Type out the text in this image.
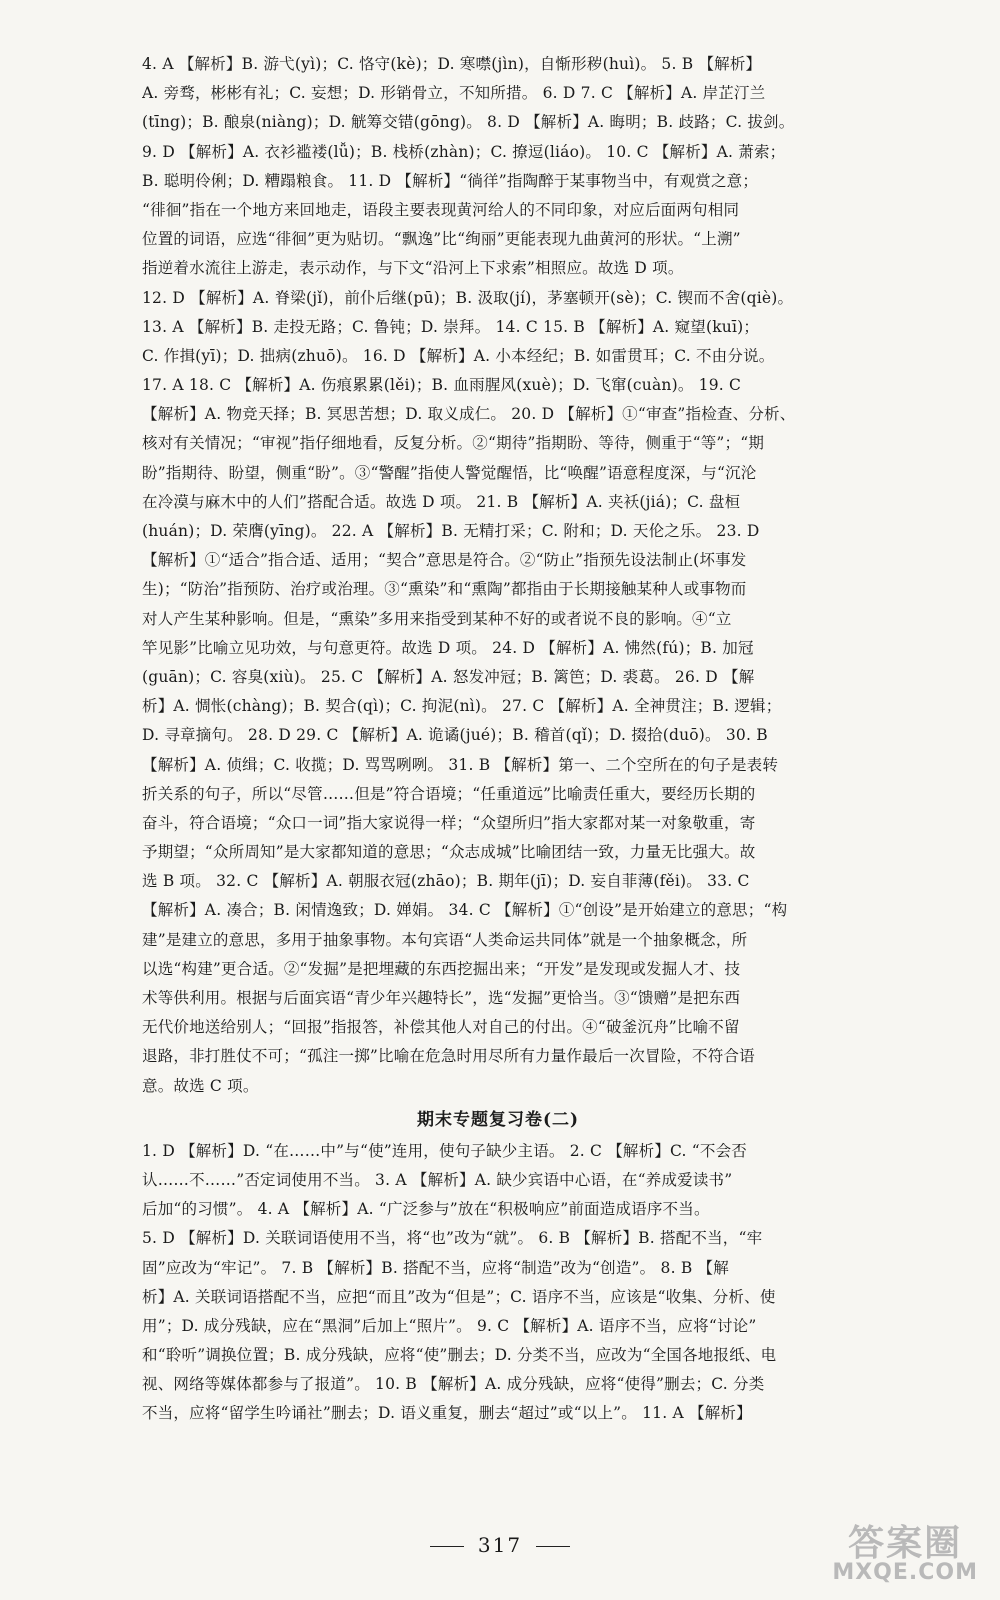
4. A 【解析】B. 游弋(yì)；C. 恪守(kè)；D. 寒噤(jìn)，自惭形秽(huì)。 5. B 【解析】
A. 旁骛，彬彬有礼；C. 妄想；D. 形销骨立，不知所措。 6. D 7. C 【解析】A. 岸芷汀兰
(tīng)；B. 酿泉(niàng)；D. 觥筹交错(gōng)。 8. D 【解析】A. 晦明；B. 歧路；C. 拔剑。
9. D 【解析】A. 衣衫褴褛(lǚ)；B. 栈桥(zhàn)；C. 撩逗(liáo)。 10. C 【解析】A. 萧索；
B. 聪明伶俐；D. 糟蹋粮食。 11. D 【解析】“徜徉”指陶醉于某事物当中，有观赏之意；
“徘徊”指在一个地方来回地走，语段主要表现黄河给人的不同印象，对应后面两句相同
位置的词语，应选“徘徊”更为贴切。“飘逸”比“绚丽”更能表现九曲黄河的形状。“上溯”
指逆着水流往上游走，表示动作，与下文“沿河上下求索”相照应。故选 D 项。
12. D 【解析】A. 脊梁(jǐ)，前仆后继(pū)；B. 汲取(jí)，茅塞顿开(sè)；C. 锲而不舍(qiè)。
13. A 【解析】B. 走投无路；C. 鲁钝；D. 崇拜。 14. C 15. B 【解析】A. 窥望(kuī)；
C. 作揖(yī)；D. 拙病(zhuō)。 16. D 【解析】A. 小本经纪；B. 如雷贯耳；C. 不由分说。
17. A 18. C 【解析】A. 伤痕累累(lěi)；B. 血雨腥风(xuè)；D. 飞窜(cuàn)。 19. C
【解析】A. 物竞天择；B. 冥思苦想；D. 取义成仁。 20. D 【解析】①“审查”指检查、分析、
核对有关情况；“审视”指仔细地看，反复分析。②“期待”指期盼、等待，侧重于“等”；“期
盼”指期待、盼望，侧重“盼”。③“警醒”指使人警觉醒悟，比“唤醒”语意程度深，与“沉沦
在冷漠与麻木中的人们”搭配合适。故选 D 项。 21. B 【解析】A. 夹袄(jiá)；C. 盘桓
(huán)；D. 荣膺(yīng)。 22. A 【解析】B. 无精打采；C. 附和；D. 天伦之乐。 23. D
【解析】①“适合”指合适、适用；“契合”意思是符合。②“防止”指预先设法制止(坏事发
生)；“防治”指预防、治疗或治理。③“熏染”和“熏陶”都指由于长期接触某种人或事物而
对人产生某种影响。但是，“熏染”多用来指受到某种不好的或者说不良的影响。④“立
竿见影”比喻立见功效，与句意更符。故选 D 项。 24. D 【解析】A. 怫然(fú)；B. 加冠
(guān)；C. 容臭(xiù)。 25. C 【解析】A. 怒发冲冠；B. 篱笆；D. 裘葛。 26. D 【解
析】A. 惆怅(chàng)；B. 契合(qì)；C. 拘泥(nì)。 27. C 【解析】A. 全神贯注；B. 逻辑；
D. 寻章摘句。 28. D 29. C 【解析】A. 诡谲(jué)；B. 稽首(qǐ)；D. 掇拾(duō)。 30. B
【解析】A. 侦缉；C. 收揽；D. 骂骂咧咧。 31. B 【解析】第一、二个空所在的句子是表转
折关系的句子，所以“尽管……但是”符合语境；“任重道远”比喻责任重大，要经历长期的
奋斗，符合语境；“众口一词”指大家说得一样；“众望所归”指大家都对某一对象敬重，寄
予期望；“众所周知”是大家都知道的意思；“众志成城”比喻团结一致，力量无比强大。故
选 B 项。 32. C 【解析】A. 朝服衣冠(zhāo)；B. 期年(jī)；D. 妄自菲薄(fěi)。 33. C
【解析】A. 凑合；B. 闲情逸致；D. 婵娟。 34. C 【解析】①“创设”是开始建立的意思；“构
建”是建立的意思，多用于抽象事物。本句宾语“人类命运共同体”就是一个抽象概念，所
以选“构建”更合适。②“发掘”是把埋藏的东西挖掘出来；“开发”是发现或发掘人才、技
术等供利用。根据与后面宾语“青少年兴趣特长”，选“发掘”更恰当。③“馈赠”是把东西
无代价地送给别人；“回报”指报答，补偿其他人对自己的付出。④“破釜沉舟”比喻不留
退路，非打胜仗不可；“孤注一掷”比喻在危急时用尽所有力量作最后一次冒险，不符合语
意。故选 C 项。
期末专题复习卷(二)
1. D 【解析】D. “在……中”与“使”连用，使句子缺少主语。 2. C 【解析】C. “不会否
认……不……”否定词使用不当。 3. A 【解析】A. 缺少宾语中心语，在“养成爱读书”
后加“的习惯”。 4. A 【解析】A. “广泛参与”放在“积极响应”前面造成语序不当。
5. D 【解析】D. 关联词语使用不当，将“也”改为“就”。 6. B 【解析】B. 搭配不当，“牢
固”应改为“牢记”。 7. B 【解析】B. 搭配不当，应将“制造”改为“创造”。 8. B 【解
析】A. 关联词语搭配不当，应把“而且”改为“但是”；C. 语序不当，应该是“收集、分析、使
用”；D. 成分残缺，应在“黑洞”后加上“照片”。 9. C 【解析】A. 语序不当，应将“讨论”
和“聆听”调换位置；B. 成分残缺，应将“使”删去；D. 分类不当，应改为“全国各地报纸、电
视、网络等媒体都参与了报道”。 10. B 【解析】A. 成分残缺，应将“使得”删去；C. 分类
不当，应将“留学生吟诵社”删去；D. 语义重复，删去“超过”或“以上”。 11. A 【解析】
317	答案圈
MXQE.COM
